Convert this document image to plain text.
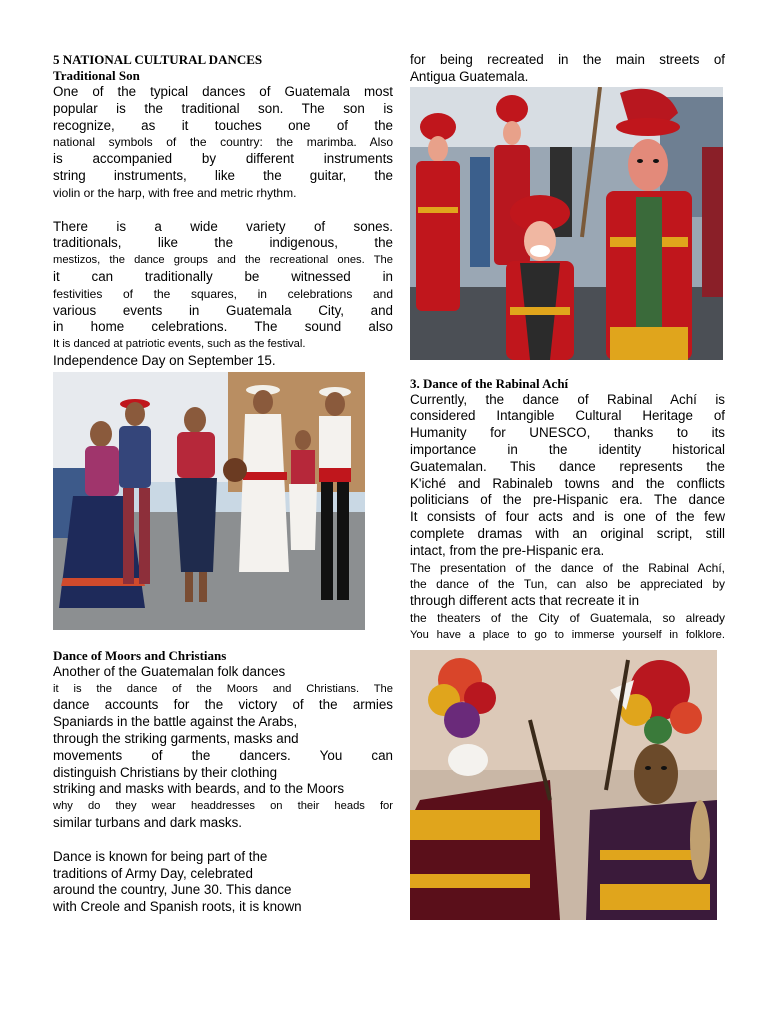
5 NATIONAL CULTURAL DANCES
Traditional Son
One of the typical dances of Guatemala most
popular is the traditional son. The son is
recognize, as it touches one of the
national symbols of the country: the marimba. Also
is accompanied by different instruments
string instruments, like the guitar, the
violin or the harp, with free and metric rhythm.
There is a wide variety of sones.
traditionals, like the indigenous, the
mestizos, the dance groups and the recreational ones. The
it can traditionally be witnessed in
festivities of the squares, in celebrations and
various events in Guatemala City, and
in home celebrations. The sound also
It is danced at patriotic events, such as the festival.
Independence Day on September 15.
Dance of Moors and Christians
Another of the Guatemalan folk dances
it is the dance of the Moors and Christians. The
dance accounts for the victory of the armies
Spaniards in the battle against the Arabs,
through the striking garments, masks and
movements of the dancers. You can
distinguish Christians by their clothing
striking and masks with beards, and to the Moors
why do they wear headdresses on their heads for
similar turbans and dark masks.
Dance is known for being part of the
traditions of Army Day, celebrated
around the country, June 30. This dance
with Creole and Spanish roots, it is known
for being recreated in the main streets of
Antigua Guatemala.
3. Dance of the Rabinal Achí
Currently, the dance of Rabinal Achí is
considered Intangible Cultural Heritage of
Humanity for UNESCO, thanks to its
importance in the identity historical
Guatemalan. This dance represents the
K'iché and Rabinaleb towns and the conflicts
politicians of the pre-Hispanic era. The dance
It consists of four acts and is one of the few
complete dramas with an original script, still
intact, from the pre-Hispanic era.
The presentation of the dance of the Rabinal Achí,
the dance of the Tun, can also be appreciated by
through different acts that recreate it in
the theaters of the City of Guatemala, so already
You have a place to go to immerse yourself in folklore.
